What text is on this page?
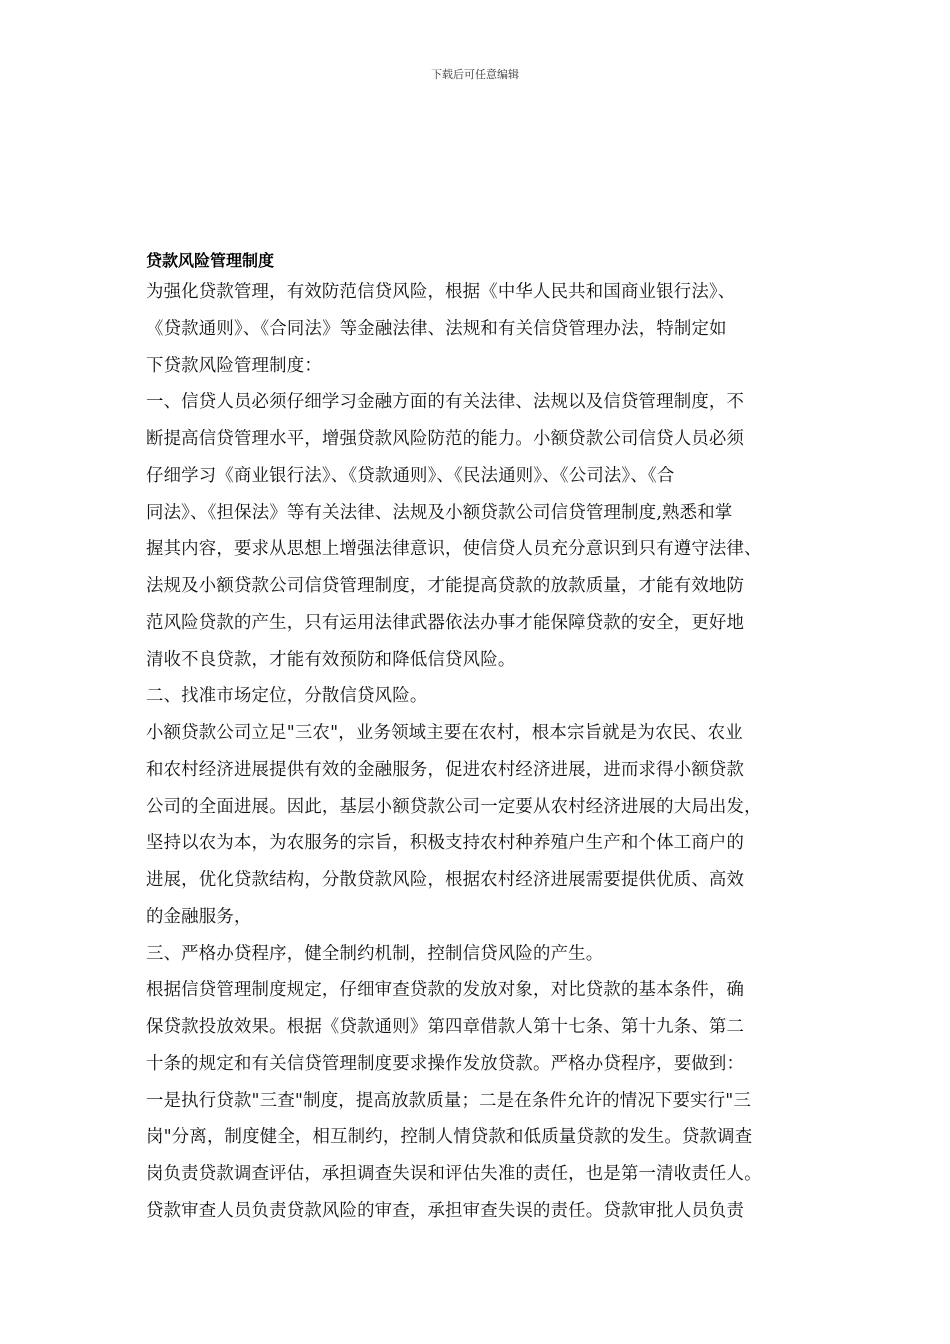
下载后可任意编辑
贷款风险管理制度
为强化贷款管理，有效防范信贷风险，根据《中华人民共和国商业银行法》、
《贷款通则》、《合同法》等金融法律、法规和有关信贷管理办法，特制定如
下贷款风险管理制度：
一、信贷人员必须仔细学习金融方面的有关法律、法规以及信贷管理制度，不
断提高信贷管理水平，增强贷款风险防范的能力。小额贷款公司信贷人员必须
仔细学习《商业银行法》、《贷款通则》、《民法通则》、《公司法》、《合
同法》、《担保法》等有关法律、法规及小额贷款公司信贷管理制度,熟悉和掌
握其内容，要求从思想上增强法律意识，使信贷人员充分意识到只有遵守法律、
法规及小额贷款公司信贷管理制度，才能提高贷款的放款质量，才能有效地防
范风险贷款的产生，只有运用法律武器依法办事才能保障贷款的安全，更好地
清收不良贷款，才能有效预防和降低信贷风险。
二、找准市场定位，分散信贷风险。
小额贷款公司立足"三农"，业务领域主要在农村，根本宗旨就是为农民、农业
和农村经济进展提供有效的金融服务，促进农村经济进展，进而求得小额贷款
公司的全面进展。因此，基层小额贷款公司一定要从农村经济进展的大局出发，
坚持以农为本，为农服务的宗旨，积极支持农村种养殖户生产和个体工商户的
进展，优化贷款结构，分散贷款风险，根据农村经济进展需要提供优质、高效
的金融服务，
三、严格办贷程序，健全制约机制，控制信贷风险的产生。
根据信贷管理制度规定，仔细审查贷款的发放对象，对比贷款的基本条件，确
保贷款投放效果。根据《贷款通则》第四章借款人第十七条、第十九条、第二
十条的规定和有关信贷管理制度要求操作发放贷款。严格办贷程序，要做到：
一是执行贷款"三查"制度，提高放款质量；二是在条件允许的情况下要实行"三
岗"分离，制度健全，相互制约，控制人情贷款和低质量贷款的发生。贷款调查
岗负责贷款调查评估，承担调查失误和评估失准的责任，也是第一清收责任人。
贷款审查人员负责贷款风险的审查，承担审查失误的责任。贷款审批人员负责
